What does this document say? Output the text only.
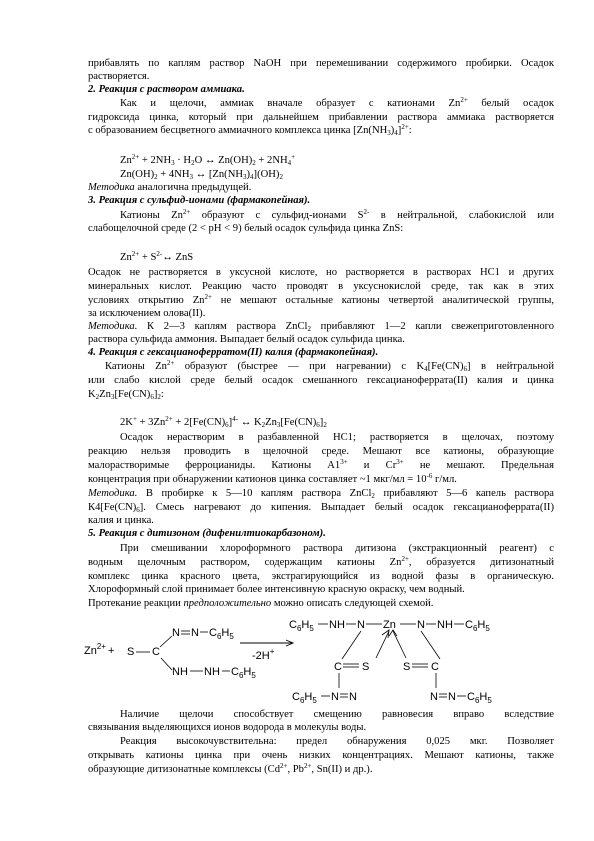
прибавлять по каплям раствор NaOH при перемешивании содержимого пробирки. Осадок
растворяется.
2. Реакция с раствором аммиака.
Как и щелочи, аммиак вначале образует с катионами $Zn^{2+}$ белый осадок
гидроксида цинка, который при дальнейшем прибавлении раствора аммиака растворяется
с образованием бесцветного аммиачного комплекса цинка $[Zn(NH_3)_4]^{2+}$:
$Zn^{2+} + 2NH_3 \cdot H_2O$ ↔ $Zn(OH)_2 + 2NH_4^+$
$Zn(OH)_2 + 4NH_3$ ↔ $[Zn(NH_3)_4](OH)_2$
Методика аналогична предыдущей.
3. Реакция с сульфид-ионами (фармакопейная).
Катионы $Zn^{2+}$ образуют с сульфид-ионами $S^{2-}$ в нейтральной, слабокислой или
слабощелочной среде (2 < pH < 9) белый осадок сульфида цинка ZnS:
$Zn^{2+}$ + $S^{2-}\leftrightarrow$ ZnS
Осадок не растворяется в уксусной кислоте, но растворяется в растворах НС1 и других
минеральных кислот. Реакцию часто проводят в уксуснокислой среде, так как в этих
условиях открытию $Zn^{2+}$ не мешают остальные катионы четвертой аналитической группы,
за исключением олова(II).
Методика. К 2—3 каплям раствора ZnCl$_2$ прибавляют 1—2 капли свежеприготовленного
раствора сульфида аммония. Выпадает белый осадок сульфида цинка.
4. Реакция с гексацианоферратом(II) калия (фармакопейная).
Катионы $Zn^{2+}$ образуют (быстрее — при нагревании) с $K_4[Fe(CN)_6]$ в нейтральной
или слабо кислой среде белый осадок смешанного гексацианоферрата(II) калия и цинка
$K_2Zn_3[Fe(CN)_6]_2$:
$2K^+ + 3Zn^{2+} + 2[Fe(CN)_6]^{4-}$ ↔ $K_2Zn_3[Fe(CN)_6]_2$
Осадок нерастворим в разбавленной НС1; растворяется в щелочах, поэтому
реакцию нельзя проводить в щелочной среде. Мешают все катионы, образующие
малорастворимые ферроцианиды. Катионы $А1^{3+}$ и $Сr^{3+}$ не мешают. Предельная
концентрация при обнаружении катионов цинка составляет ~1 $мкг/мл = 10^{-6}$ г/мл.
Методика. В пробирке к 5—10 каплям раствора ZnCl$_2$ прибавляют 5—6 капель раствора
$К4[Fe(CN)_6]$. Смесь нагревают до кипения. Выпадает белый осадок гексацианоферрата(II)
калия и цинка.
5. Реакция с дитизоном (дифенилтиокарбазоном).
При смешивании хлороформного раствора дитизона (экстракционный реагент) с
водным щелочным раствором, содержащим катионы $Zn^{2+}$, образуется дитизонатный
комплекс цинка красного цвета, экстрагирующийся из водной фазы в органическую.
Хлороформный слой принимает более интенсивную красную окраску, чем водный.
Протекание реакции предположительно можно описать следующей схемой.
$Zn^{2+} + S$ C
N N $C_6H_5$
NH NH $C_6H_5$
-2H+
$C_6H_5$ NH N Zn N NH $C_6H_5$
C S	S C
$C_6H_5$ N N	N N $C_6H_5$
Наличие щелочи способствует смещению равновесия вправо вследствие
связывания выделяющихся ионов водорода в молекулы воды.
Реакция высокочувствительна: предел обнаружения 0,025 мкг. Позволяет
открывать катионы цинка при очень низких концентрациях. Мешают катионы, также
образующие дитизонатные комплексы ($Cd^{2+}$, $Pb^{2+}$, Sn(II) и др.).
